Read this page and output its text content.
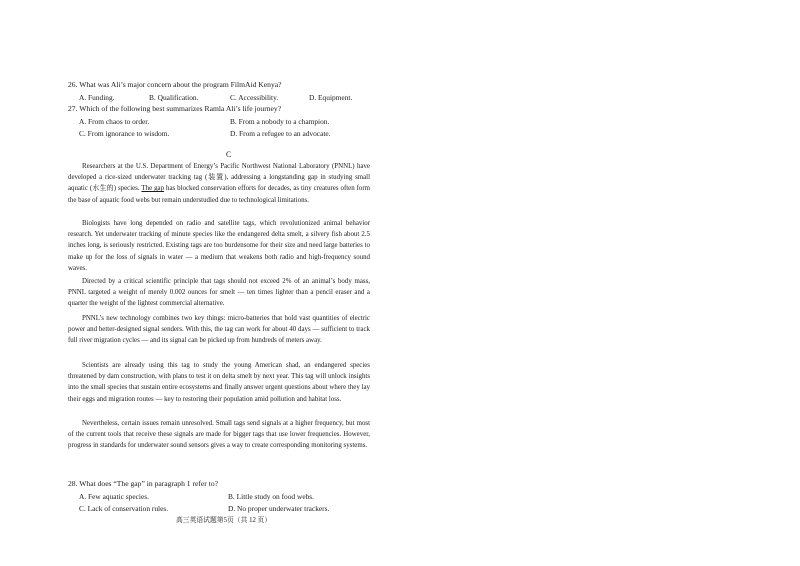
26. What was Ali’s major concern about the program FilmAid Kenya?
A. Funding.	B. Qualification.	C. Accessibility.	D. Equipment.
27. Which of the following best summarizes Ramla Ali’s life journey?
A. From chaos to order.	B. From a nobody to a champion.
C. From ignorance to wisdom.	D. From a refugee to an advocate.
C
Researchers at the U.S. Department of Energy’s Pacific Northwest National Laboratory (PNNL) have developed a rice-sized underwater tracking tag (装置), addressing a longstanding gap in studying small aquatic (水生的) species. The gap has blocked conservation efforts for decades, as tiny creatures often form the base of aquatic food webs but remain understudied due to technological limitations.
Biologists have long depended on radio and satellite tags, which revolutionized animal behavior research. Yet underwater tracking of minute species like the endangered delta smelt, a silvery fish about 2.5 inches long, is seriously restricted. Existing tags are too burdensome for their size and need large batteries to make up for the loss of signals in water — a medium that weakens both radio and high-frequency sound waves.
Directed by a critical scientific principle that tags should not exceed 2% of an animal’s body mass, PNNL targeted a weight of merely 0.002 ounces for smelt — ten times lighter than a pencil eraser and a quarter the weight of the lightest commercial alternative.
PNNL’s new technology combines two key things: micro-batteries that hold vast quantities of electric power and better-designed signal senders. With this, the tag can work for about 40 days — sufficient to track full river migration cycles — and its signal can be picked up from hundreds of meters away.
Scientists are already using this tag to study the young American shad, an endangered species threatened by dam construction, with plans to test it on delta smelt by next year. This tag will unlock insights into the small species that sustain entire ecosystems and finally answer urgent questions about where they lay their eggs and migration routes — key to restoring their population amid pollution and habitat loss.
Nevertheless, certain issues remain unresolved. Small tags send signals at a higher frequency, but most of the current tools that receive these signals are made for bigger tags that use lower frequencies. However, progress in standards for underwater sound sensors gives a way to create corresponding monitoring systems.
28. What does “The gap” in paragraph 1 refer to?
A. Few aquatic species.	B. Little study on food webs.
C. Lack of conservation rules.	D. No proper underwater trackers.
高三英语试题第5页（共 12 页）
